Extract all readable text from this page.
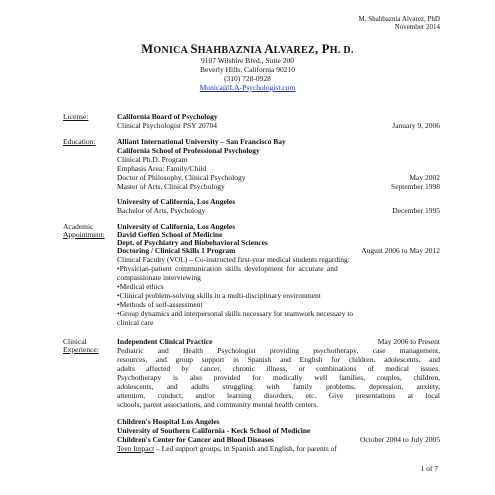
M. Shahbaznia Alvarez, PhD
November 2014
MONICA SHAHBAZNIA ALVAREZ, PH. D.
9107 Wilshire Blvd., Suite 200
Beverly Hills, California 90210
(310) 728-0928
Monica@LA-Psychologist.com
License:	California Board of Psychology
Clinical Psychologist PSY 20704	January 9, 2006
Education:	Alliant International University – San Francisco Bay
California School of Professional Psychology
Clinical Ph.D. Program
Emphasis Area: Family/Child
Doctor of Philosophy, Clinical Psychology	May 2002
Master of Arts, Clinical Psychology	September 1998
University of California, Los Angeles
Bachelor of Arts, Psychology	December 1995
Academic
Appointment:
University of California, Los Angeles
David Geffen School of Medicine
Dept. of Psychiatry and Biobehavioral Sciences
Doctoring / Clinical Skills 1 Program	August 2006 to May 2012
Clinical Faculty (VOL) – Co-instructed first-year medical students regarding:
•Physician-patient communication skills development for accurate and
compassionate interviewing
•Medical ethics
•Clinical problem-solving skills in a multi-disciplinary environment
•Methods of self-assessment
•Group dynamics and interpersonal skills necessary for teamwork necessary to
clinical care
Clinical
Experience:
Independent Clinical Practice	May 2006 to Present
Pediatric and Health Psychologist providing psychotherapy, case management,
resources, and group support in Spanish and English for children, adolescents, and
adults affected by cancer, chronic illness, or combinations of medical issues.
Psychotherapy is also provided for medically well families, couples, children,
adolescents, and adults struggling with family problems, depression, anxiety,
attention, conduct, and/or learning disorders, etc. Give presentations at local
schools, parent associations, and community mental health centers.
Children's Hospital Los Angeles
University of Southern California - Keck School of Medicine
Children's Center for Cancer and Blood Diseases	October 2004 to July 2005
Teen Impact – Led support groups, in Spanish and English, for parents of
1 of 7
